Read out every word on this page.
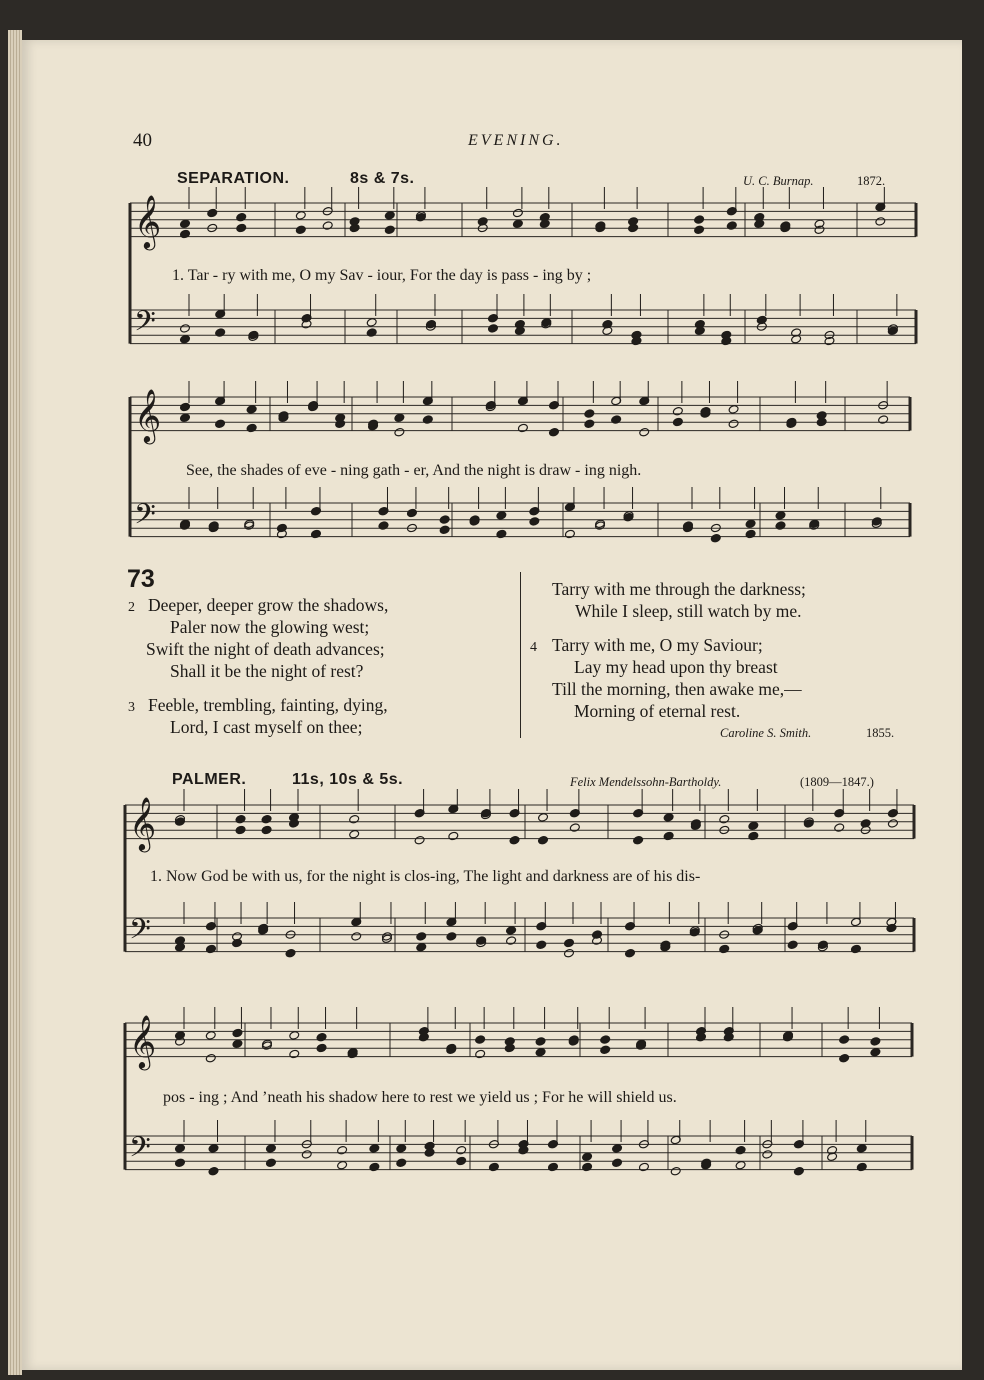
𝄞
𝄢
𝄞
𝄢
𝄞
𝄢
𝄞
𝄢
40	EVENING.
SEPARATION.	8s & 7s.	U. C. Burnap.	1872.
1. Tar - ry with me, O my Sav - iour, For the day is pass - ing by ;
See, the shades of eve - ning gath - er, And the night is draw - ing nigh.
73
2 Deeper, deeper grow the shadows,
Paler now the glowing west;
Swift the night of death advances;
Shall it be the night of rest?
3 Feeble, trembling, fainting, dying,
Lord, I cast myself on thee;
Tarry with me through the darkness;
While I sleep, still watch by me.
4 Tarry with me, O my Saviour;
Lay my head upon thy breast
Till the morning, then awake me,—
Morning of eternal rest.
Caroline S. Smith.	1855.
PALMER.	11s, 10s & 5s.	Felix Mendelssohn-Bartholdy.	(1809—1847.)
1. Now God be with us, for the night is clos-ing, The light and darkness are of his dis-
pos - ing ; And ’neath his shadow here to rest we yield us ; For he will shield us.
